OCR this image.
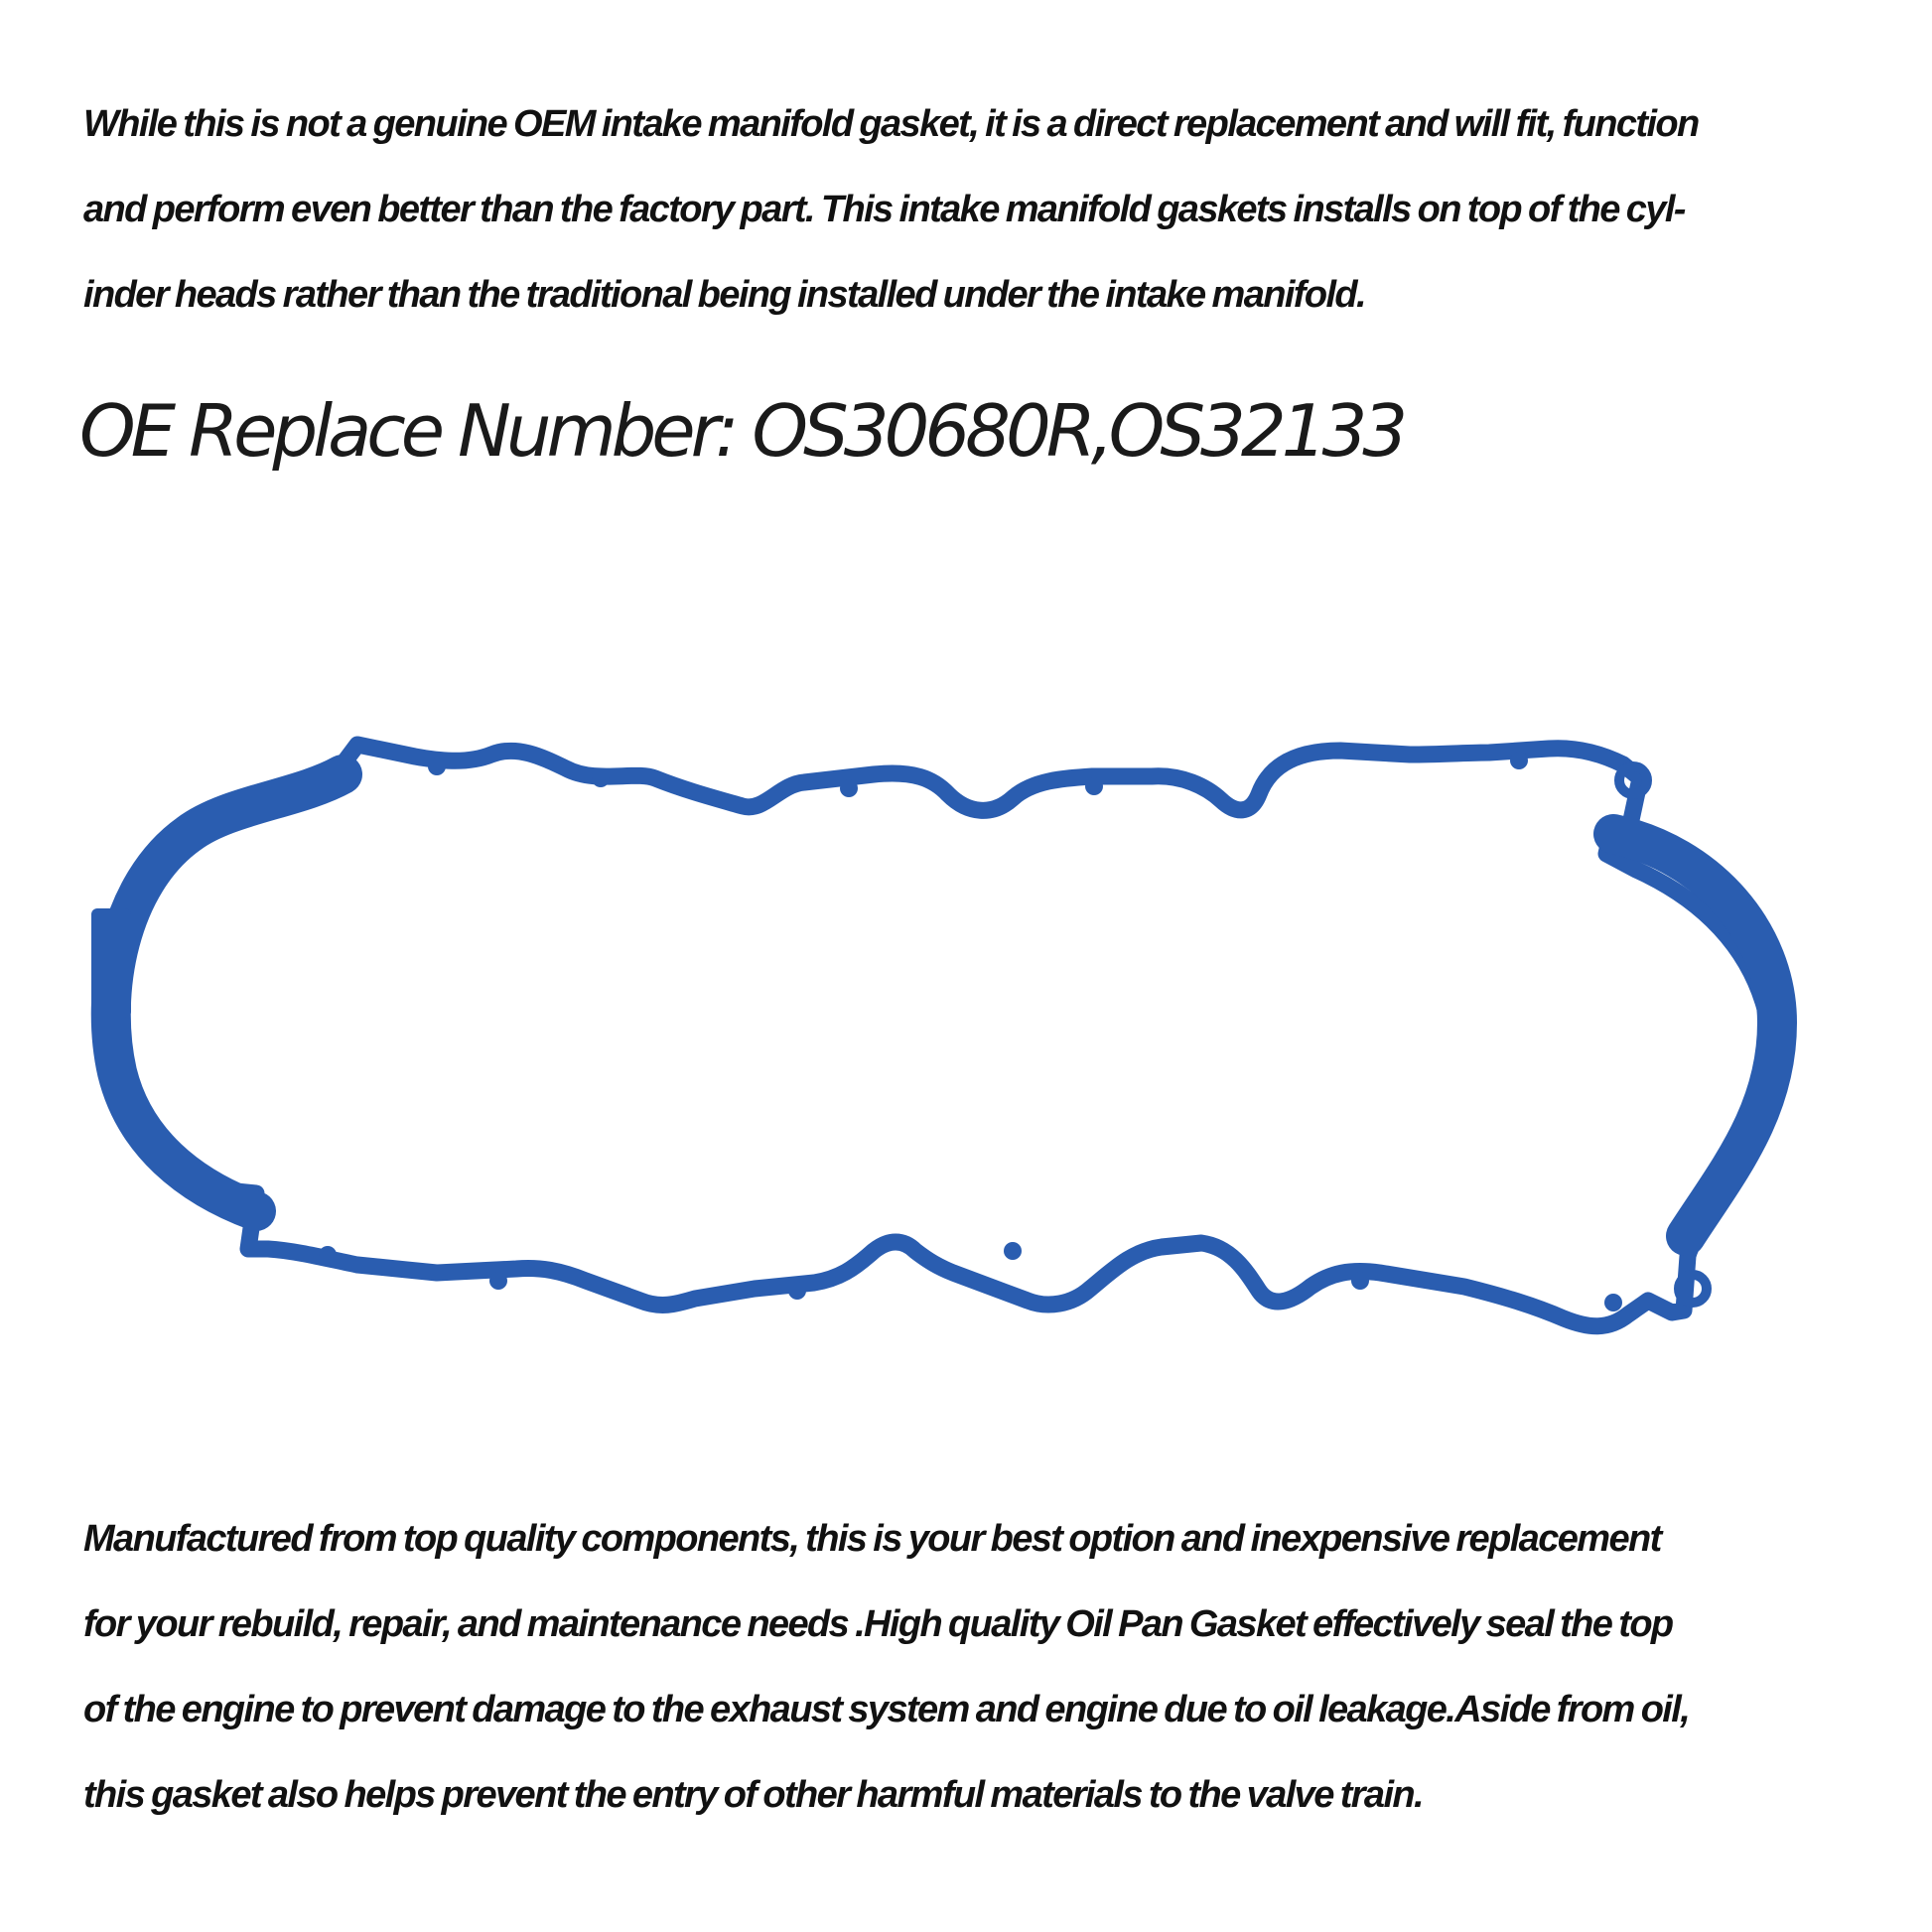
While this is not a genuine OEM intake manifold gasket, it is a direct replacement and will fit, function
and perform even better than the factory part. This intake manifold gaskets installs on top of the cyl-
inder heads rather than the traditional being installed under the intake manifold.
OE Replace Number: OS30680R,OS32133
Manufactured from top quality components, this is your best option and inexpensive replacement
for your rebuild, repair, and maintenance needs .High quality Oil Pan Gasket effectively seal the top
of the engine to prevent damage to the exhaust system and engine due to oil leakage.Aside from oil,
this gasket also helps prevent the entry of other harmful materials to the valve train.
